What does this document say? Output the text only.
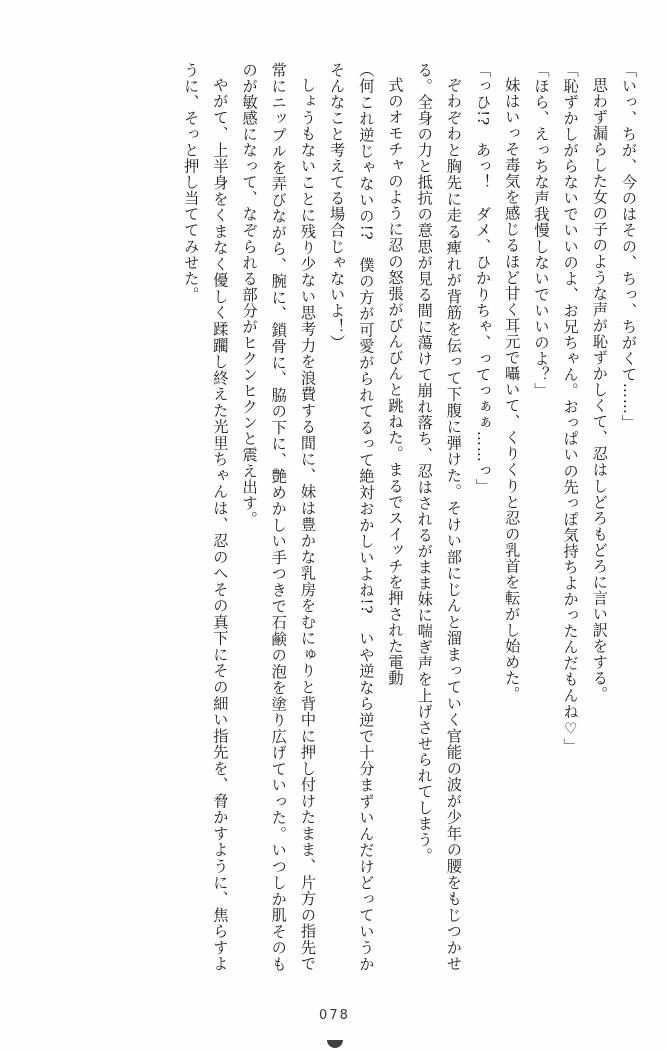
「いっ、ちが、今のはその、ちっ、ちがくて……」

思わず漏らした女の子のような声が恥ずかしくて、忍はしどろもどろに言い訳をする。

「恥ずかしがらないでいいのよ、お兄ちゃん。おっぱいの先っぽ気持ちよかったんだもんね♡」

「ほら、えっちな声我慢しないでいいのよ？」

妹はいっそ毒気を感じるほど甘く耳元で囁いて、くりくりと忍の乳首を転がし始めた。

「っひ!?　あっ！　ダメ、ひかりちゃ、ってっぁぁ……っ」

ぞわぞわと胸先に走る痺れが背筋を伝って下腹に弾けた。そけい部にじんと溜まっていく官能の波が少年の腰をもじつかせる。全身の力と抵抗の意思が見る間に蕩けて崩れ落ち、忍はされるがまま妹に喘ぎ声を上げさせられてしまう。

式のオモチャのように忍の怒張がびんびんと跳ねた。まるでスイッチを押された電動

（何これ逆じゃないの!?　僕の方が可愛がられてるって絶対おかしいよね!?　いや逆なら逆で十分まずいんだけどっていうかそんなこと考えてる場合じゃないよ！）

しょうもないことに残り少ない思考力を浪費する間に、妹は豊かな乳房をむにゅりと背中に押し付けたまま、片方の指先で常にニップルを弄びながら、腕に、鎖骨に、脇の下に、艶めかしい手つきで石鹸の泡を塗り広げていった。いつしか肌そのものが敏感になって、なぞられる部分がヒクンヒクンと震え出す。

やがて、上半身をくまなく優しく蹂躙し終えた光里ちゃんは、忍のへその真下にその細い指先を、脅かすように、焦らすように、そっと押し当ててみせた。

078
